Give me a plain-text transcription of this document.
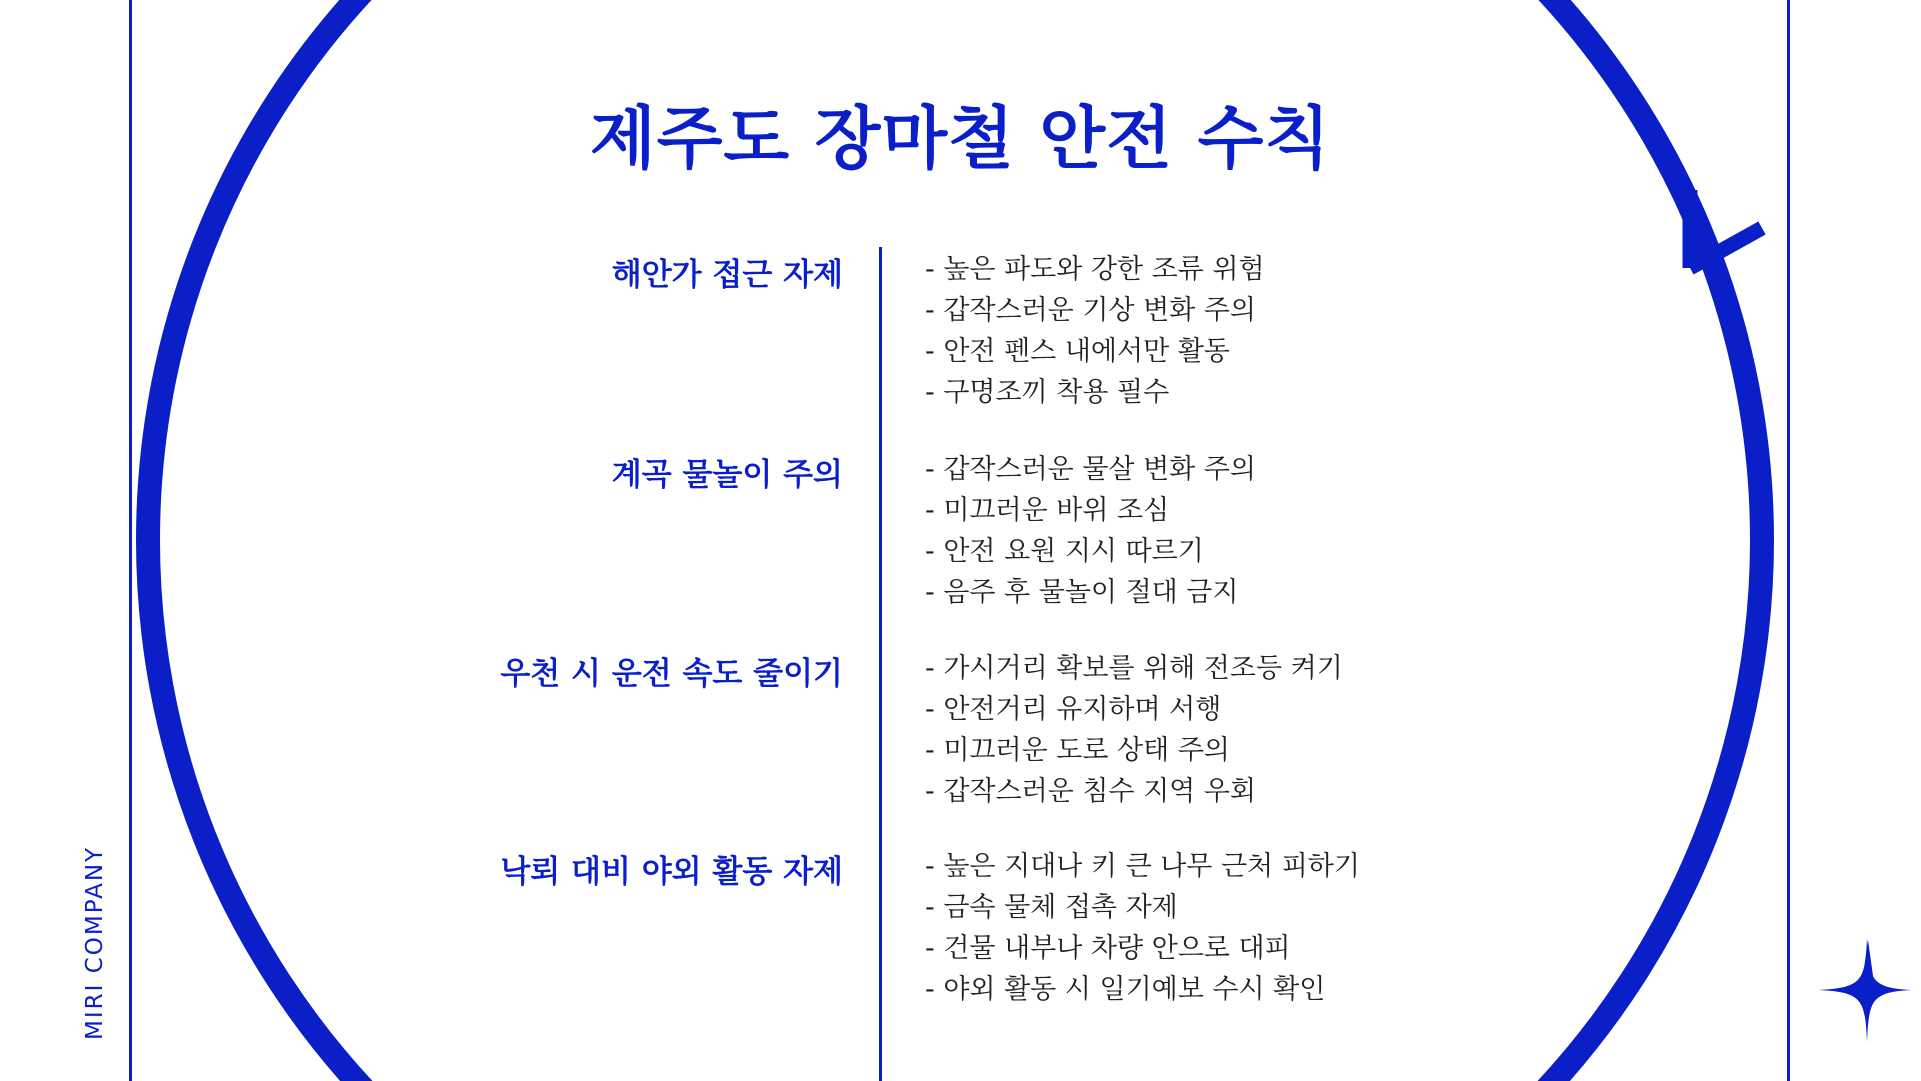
MIRI COMPANY
제주도 장마철 안전 수칙
해안가 접근 자제	- 높은 파도와 강한 조류 위험
- 갑작스러운 기상 변화 주의
- 안전 펜스 내에서만 활동
- 구명조끼 착용 필수
계곡 물놀이 주의	- 갑작스러운 물살 변화 주의
- 미끄러운 바위 조심
- 안전 요원 지시 따르기
- 음주 후 물놀이 절대 금지
우천 시 운전 속도 줄이기	- 가시거리 확보를 위해 전조등 켜기
- 안전거리 유지하며 서행
- 미끄러운 도로 상태 주의
- 갑작스러운 침수 지역 우회
낙뢰 대비 야외 활동 자제	- 높은 지대나 키 큰 나무 근처 피하기
- 금속 물체 접촉 자제
- 건물 내부나 차량 안으로 대피
- 야외 활동 시 일기예보 수시 확인
